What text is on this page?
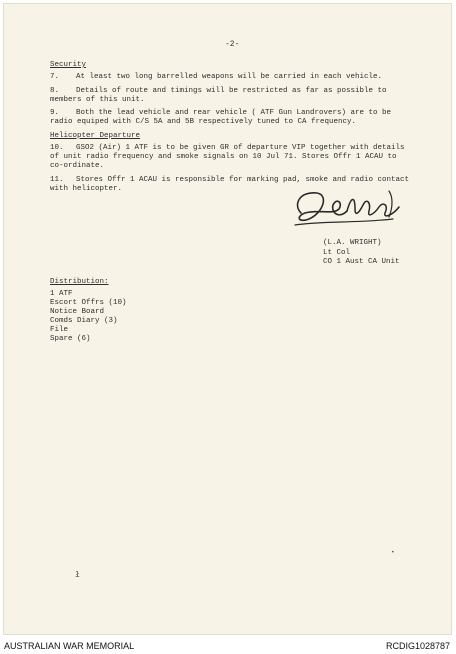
-2-
Security
7. At least two long barrelled weapons will be carried in each vehicle.
8. Details of route and timings will be restricted as far as possible to
members of this unit.
9. Both the lead vehicle and rear vehicle ( ATF Gun Landrovers) are to be
radio equiped with C/S 5A and 5B respectively tuned to CA frequency.
Helicopter Departure
10. GSO2 (Air) 1 ATF is to be given GR of departure VIP together with details
of unit radio frequency and smoke signals on 10 Jul 71. Stores Offr 1 ACAU to
co-ordinate.
11. Stores Offr 1 ACAU is responsible for marking pad, smoke and radio contact
with helicopter.
(L.A. WRIGHT)
Lt Col
CO 1 Aust CA Unit
Distribution:
1 ATF
Escort Offrs (10)
Notice Board
Comds Diary (3)
File
Spare (6)
ł
•
AUSTRALIAN WAR MEMORIAL	RCDIG1028787
